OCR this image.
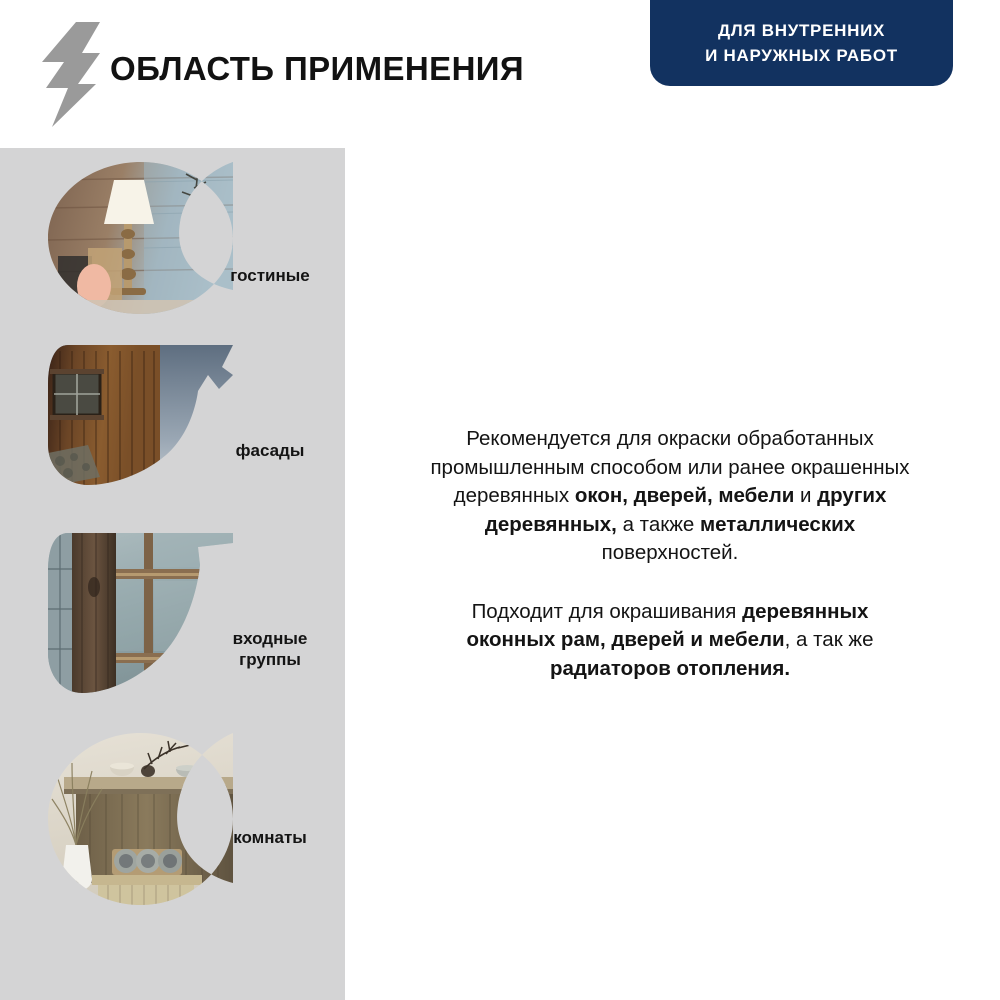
ОБЛАСТЬ ПРИМЕНЕНИЯ
ДЛЯ ВНУТРЕННИХ
И НАРУЖНЫХ РАБОТ
гостиные
фасады
входные
группы
комнаты

Рекомендуется для окраски обработанных промышленным способом или ранее окрашенных деревянных окон, дверей, мебели и других деревянных, а также металлических поверхностей.

Подходит для окрашивания деревянных оконных рам, дверей и мебели, а так же радиаторов отопления.
